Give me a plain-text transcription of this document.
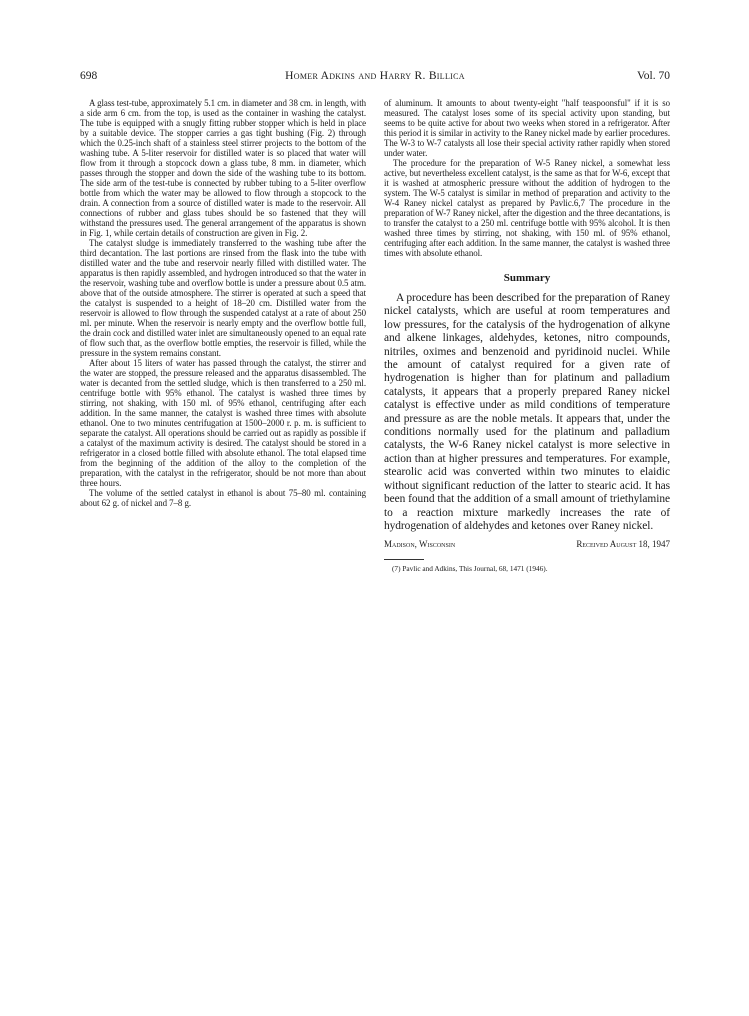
698	Homer Adkins and Harry R. Billica	Vol. 70

A glass test-tube, approximately 5.1 cm. in diameter and 38 cm. in length, with a side arm 6 cm. from the top, is used as the container in washing the catalyst. The tube is equipped with a snugly fitting rubber stopper which is held in place by a suitable device. The stopper carries a gas tight bushing (Fig. 2) through which the 0.25-inch shaft of a stainless steel stirrer projects to the bottom of the washing tube. A 5-liter reservoir for distilled water is so placed that water will flow from it through a stopcock down a glass tube, 8 mm. in diameter, which passes through the stopper and down the side of the washing tube to its bottom. The side arm of the test-tube is connected by rubber tubing to a 5-liter overflow bottle from which the water may be allowed to flow through a stopcock to the drain. A connection from a source of distilled water is made to the reservoir. All connections of rubber and glass tubes should be so fastened that they will withstand the pressures used. The general arrangement of the apparatus is shown in Fig. 1, while certain details of construction are given in Fig. 2.

The catalyst sludge is immediately transferred to the washing tube after the third decantation. The last portions are rinsed from the flask into the tube with distilled water and the tube and reservoir nearly filled with distilled water. The apparatus is then rapidly assembled, and hydrogen introduced so that the water in the reservoir, washing tube and overflow bottle is under a pressure about 0.5 atm. above that of the outside atmosphere. The stirrer is operated at such a speed that the catalyst is suspended to a height of 18–20 cm. Distilled water from the reservoir is allowed to flow through the suspended catalyst at a rate of about 250 ml. per minute. When the reservoir is nearly empty and the overflow bottle full, the drain cock and distilled water inlet are simultaneously opened to an equal rate of flow such that, as the overflow bottle empties, the reservoir is filled, while the pressure in the system remains constant.

After about 15 liters of water has passed through the catalyst, the stirrer and the water are stopped, the pressure released and the apparatus disassembled. The water is decanted from the settled sludge, which is then transferred to a 250 ml. centrifuge bottle with 95% ethanol. The catalyst is washed three times by stirring, not shaking, with 150 ml. of 95% ethanol, centrifuging after each addition. In the same manner, the catalyst is washed three times with absolute ethanol. One to two minutes centrifugation at 1500–2000 r. p. m. is sufficient to separate the catalyst. All operations should be carried out as rapidly as possible if a catalyst of the maximum activity is desired. The catalyst should be stored in a refrigerator in a closed bottle filled with absolute ethanol. The total elapsed time from the beginning of the addition of the alloy to the completion of the preparation, with the catalyst in the refrigerator, should be not more than about three hours.

The volume of the settled catalyst in ethanol is about 75–80 ml. containing about 62 g. of nickel and 7–8 g.

of aluminum. It amounts to about twenty-eight "half teaspoonsful" if it is so measured. The catalyst loses some of its special activity upon standing, but seems to be quite active for about two weeks when stored in a refrigerator. After this period it is similar in activity to the Raney nickel made by earlier procedures. The W-3 to W-7 catalysts all lose their special activity rather rapidly when stored under water.

The procedure for the preparation of W-5 Raney nickel, a somewhat less active, but nevertheless excellent catalyst, is the same as that for W-6, except that it is washed at atmospheric pressure without the addition of hydrogen to the system. The W-5 catalyst is similar in method of preparation and activity to the W-4 Raney nickel catalyst as prepared by Pavlic.6,7 The procedure in the preparation of W-7 Raney nickel, after the digestion and the three decantations, is to transfer the catalyst to a 250 ml. centrifuge bottle with 95% alcohol. It is then washed three times by stirring, not shaking, with 150 ml. of 95% ethanol, centrifuging after each addition. In the same manner, the catalyst is washed three times with absolute ethanol.

Summary

A procedure has been described for the preparation of Raney nickel catalysts, which are useful at room temperatures and low pressures, for the catalysis of the hydrogenation of alkyne and alkene linkages, aldehydes, ketones, nitro compounds, nitriles, oximes and benzenoid and pyridinoid nuclei. While the amount of catalyst required for a given rate of hydrogenation is higher than for platinum and palladium catalysts, it appears that a properly prepared Raney nickel catalyst is effective under as mild conditions of temperature and pressure as are the noble metals. It appears that, under the conditions normally used for the platinum and palladium catalysts, the W-6 Raney nickel catalyst is more selective in action than at higher pressures and temperatures. For example, stearolic acid was converted within two minutes to elaidic without significant reduction of the latter to stearic acid. It has been found that the addition of a small amount of triethylamine to a reaction mixture markedly increases the rate of hydrogenation of aldehydes and ketones over Raney nickel.

Madison, Wisconsin	Received August 18, 1947

(7) Pavlic and Adkins, This Journal, 68, 1471 (1946).
